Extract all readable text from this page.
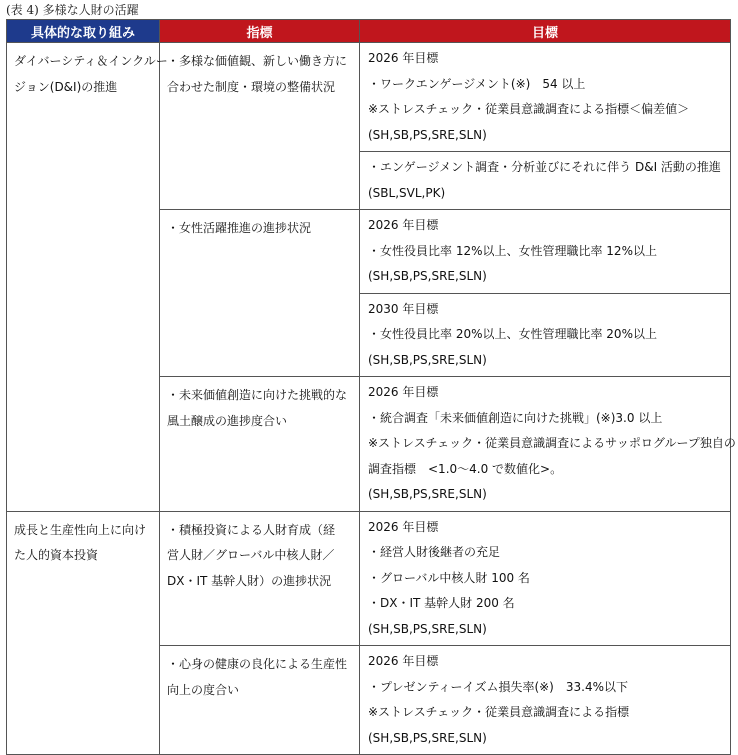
(表 4) 多様な人財の活躍
具体的な取り組み	指標	目標

ダイバーシティ＆インクルー
ジョン(D&I)の推進	・多様な価値観、新しい働き方に
合わせた制度・環境の整備状況	2026 年目標
・ワークエンゲージメント(※)　54 以上
※ストレスチェック・従業員意識調査による指標＜偏差値＞
(SH,SB,PS,SRE,SLN)

		・エンゲージメント調査・分析並びにそれに伴う D&I 活動の推進
(SBL,SVL,PK)

	・女性活躍推進の進捗状況	2026 年目標
・女性役員比率 12%以上、女性管理職比率 12%以上
(SH,SB,PS,SRE,SLN)

		2030 年目標
・女性役員比率 20%以上、女性管理職比率 20%以上
(SH,SB,PS,SRE,SLN)

	・未来価値創造に向けた挑戦的な
風土醸成の進捗度合い	2026 年目標
・統合調査「未来価値創造に向けた挑戦」(※)3.0 以上
※ストレスチェック・従業員意識調査によるサッポログループ独自の
調査指標　<1.0～4.0 で数値化>。
(SH,SB,PS,SRE,SLN)

成長と生産性向上に向け
た人的資本投資	・積極投資による人財育成（経
営人財／グローバル中核人財／
DX・IT 基幹人財）の進捗状況	2026 年目標
・経営人財後継者の充足
・グローバル中核人財 100 名
・DX・IT 基幹人財 200 名
(SH,SB,PS,SRE,SLN)

	・心身の健康の良化による生産性
向上の度合い	2026 年目標
・プレゼンティーイズム損失率(※)　33.4%以下
※ストレスチェック・従業員意識調査による指標
(SH,SB,PS,SRE,SLN)
